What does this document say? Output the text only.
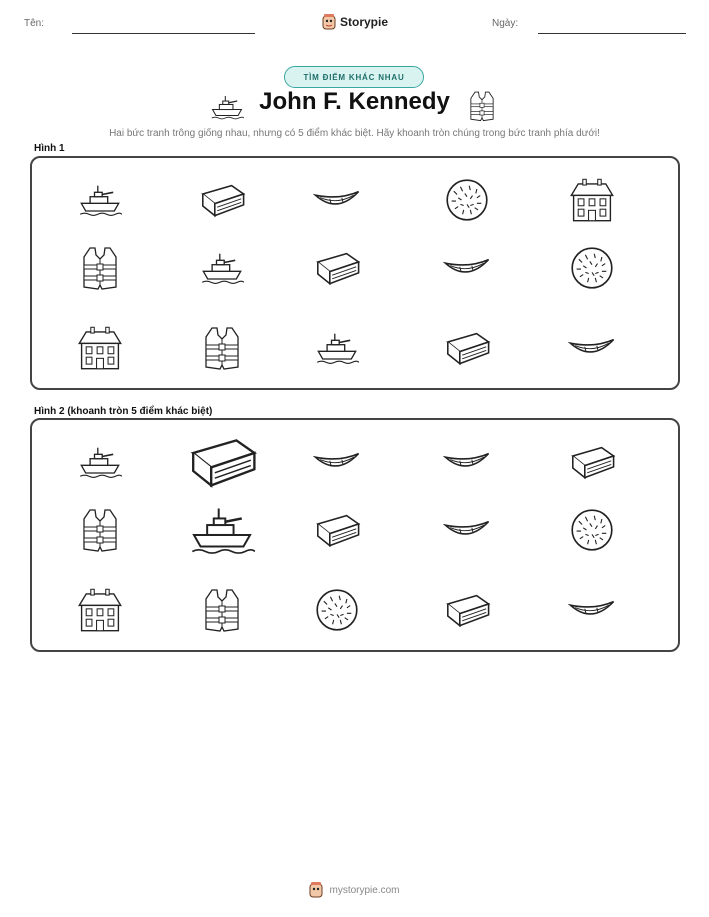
Tên:	Storypie	Ngày:
TÌM ĐIỂM KHÁC NHAU
John F. Kennedy
Hai bức tranh trông giống nhau, nhưng có 5 điểm khác biệt. Hãy khoanh tròn chúng trong bức tranh phía dưới!
Hình 1
Hình 2 (khoanh tròn 5 điểm khác biệt)
mystorypie.com
